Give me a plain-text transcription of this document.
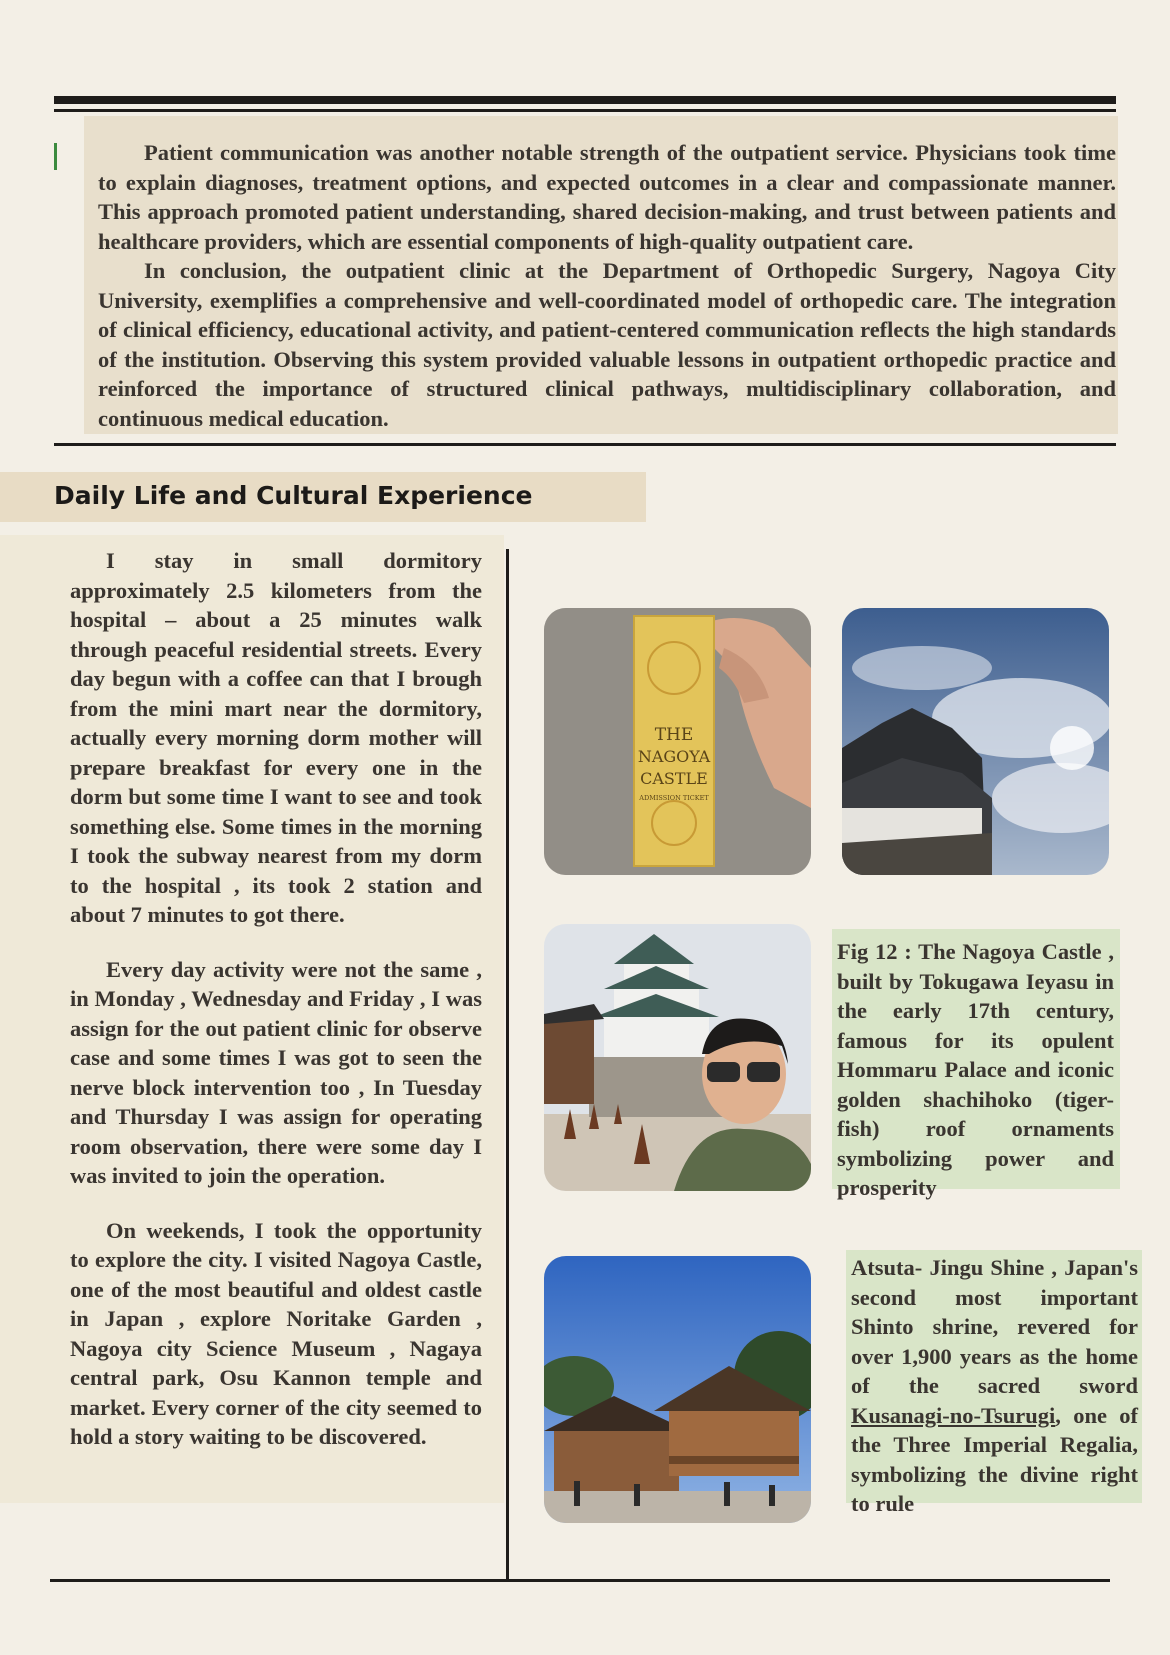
Patient communication was another notable strength of the outpatient service. Physicians took time to explain diagnoses, treatment options, and expected outcomes in a clear and compassionate manner. This approach promoted patient understanding, shared decision-making, and trust between patients and healthcare providers, which are essential components of high-quality outpatient care.

In conclusion, the outpatient clinic at the Department of Orthopedic Surgery, Nagoya City University, exemplifies a comprehensive and well-coordinated model of orthopedic care. The integration of clinical efficiency, educational activity, and patient-centered communication reflects the high standards of the institution. Observing this system provided valuable lessons in outpatient orthopedic practice and reinforced the importance of structured clinical pathways, multidisciplinary collaboration, and continuous medical education.

Daily Life and Cultural Experience

I stay in small dormitory approximately 2.5 kilometers from the hospital – about a 25 minutes walk through peaceful residential streets. Every day begun with a coffee can that I brough from the mini mart near the dormitory, actually every morning dorm mother will prepare breakfast for every one in the dorm but some time I want to see and took something else. Some times in the morning I took the subway nearest from my dorm to the hospital , its took 2 station and about 7 minutes to got there.

Every day activity were not the same , in Monday , Wednesday and Friday , I was assign for the out patient clinic for observe case and some times I was got to seen the nerve block intervention too , In Tuesday and Thursday I was assign for operating room observation, there were some day I was invited to join the operation.

On weekends, I took the opportunity to explore the city. I visited Nagoya Castle, one of the most beautiful and oldest castle in Japan , explore Noritake Garden , Nagoya city Science Museum , Nagaya central park, Osu Kannon temple and market. Every corner of the city seemed to hold a story waiting to be discovered.

THE
NAGOYA
CASTLE
ADMISSION TICKET
Fig 12 : The Nagoya Castle , built by Tokugawa Ieyasu in the early 17th century, famous for its opulent Hommaru Palace and iconic golden shachihoko (tiger-fish) roof ornaments symbolizing power and prosperity
Atsuta- Jingu Shine , Japan's second most important Shinto shrine, revered for over 1,900 years as the home of the sacred sword Kusanagi-no-Tsurugi, one of the Three Imperial Regalia, symbolizing the divine right to rule
